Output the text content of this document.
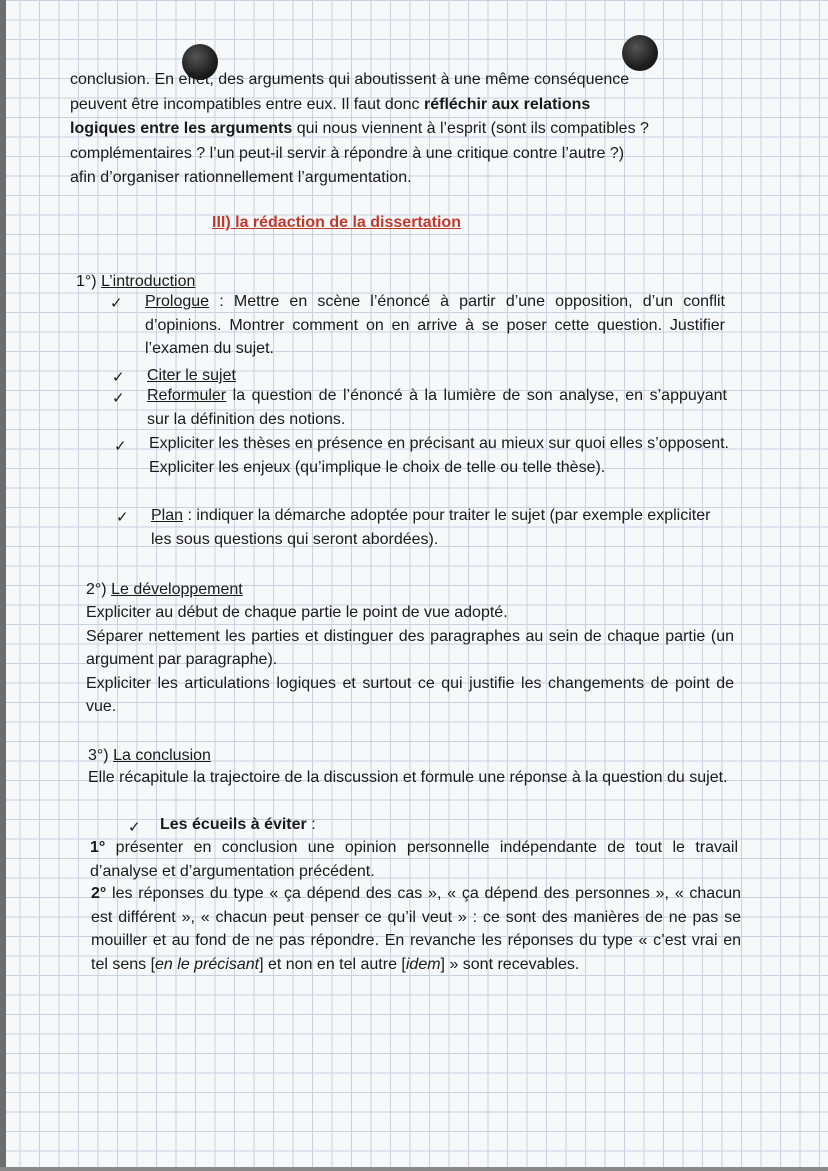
conclusion. En effet, des arguments qui aboutissent à une même conséquence

peuvent être incompatibles entre eux. Il faut donc réfléchir aux relations

logiques entre les arguments qui nous viennent à l’esprit (sont ils compatibles ?

complémentaires ? l’un peut-il servir à répondre à une critique contre l’autre ?)

afin d’organiser rationnellement l’argumentation.

III) la rédaction de la dissertation
1°) L’introduction
✓ Prologue : Mettre en scène l’énoncé à partir d’une opposition, d’un conflit d’opinions. Montrer comment on en arrive à se poser cette question. Justifier l’examen du sujet.
✓ Citer le sujet
✓ Reformuler la question de l’énoncé à la lumière de son analyse, en s’appuyant sur la définition des notions.
✓ Expliciter les thèses en présence en précisant au mieux sur quoi elles s’opposent. Expliciter les enjeux (qu’implique le choix de telle ou telle thèse).
✓ Plan : indiquer la démarche adoptée pour traiter le sujet (par exemple expliciter les sous questions qui seront abordées).
2°) Le développement

Expliciter au début de chaque partie le point de vue adopté.

Séparer nettement les parties et distinguer des paragraphes au sein de chaque partie (un argument par paragraphe).

Expliciter les articulations logiques et surtout ce qui justifie les changements de point de vue.

3°) La conclusion
Elle récapitule la trajectoire de la discussion et formule une réponse à la question du sujet.
✓ Les écueils à éviter :
1° présenter en conclusion une opinion personnelle indépendante de tout le travail d’analyse et d’argumentation précédent.
2° les réponses du type « ça dépend des cas », « ça dépend des personnes », « chacun est différent », « chacun peut penser ce qu’il veut » : ce sont des manières de ne pas se mouiller et au fond de ne pas répondre. En revanche les réponses du type « c’est vrai en tel sens [en le précisant] et non en tel autre [idem] » sont recevables.
